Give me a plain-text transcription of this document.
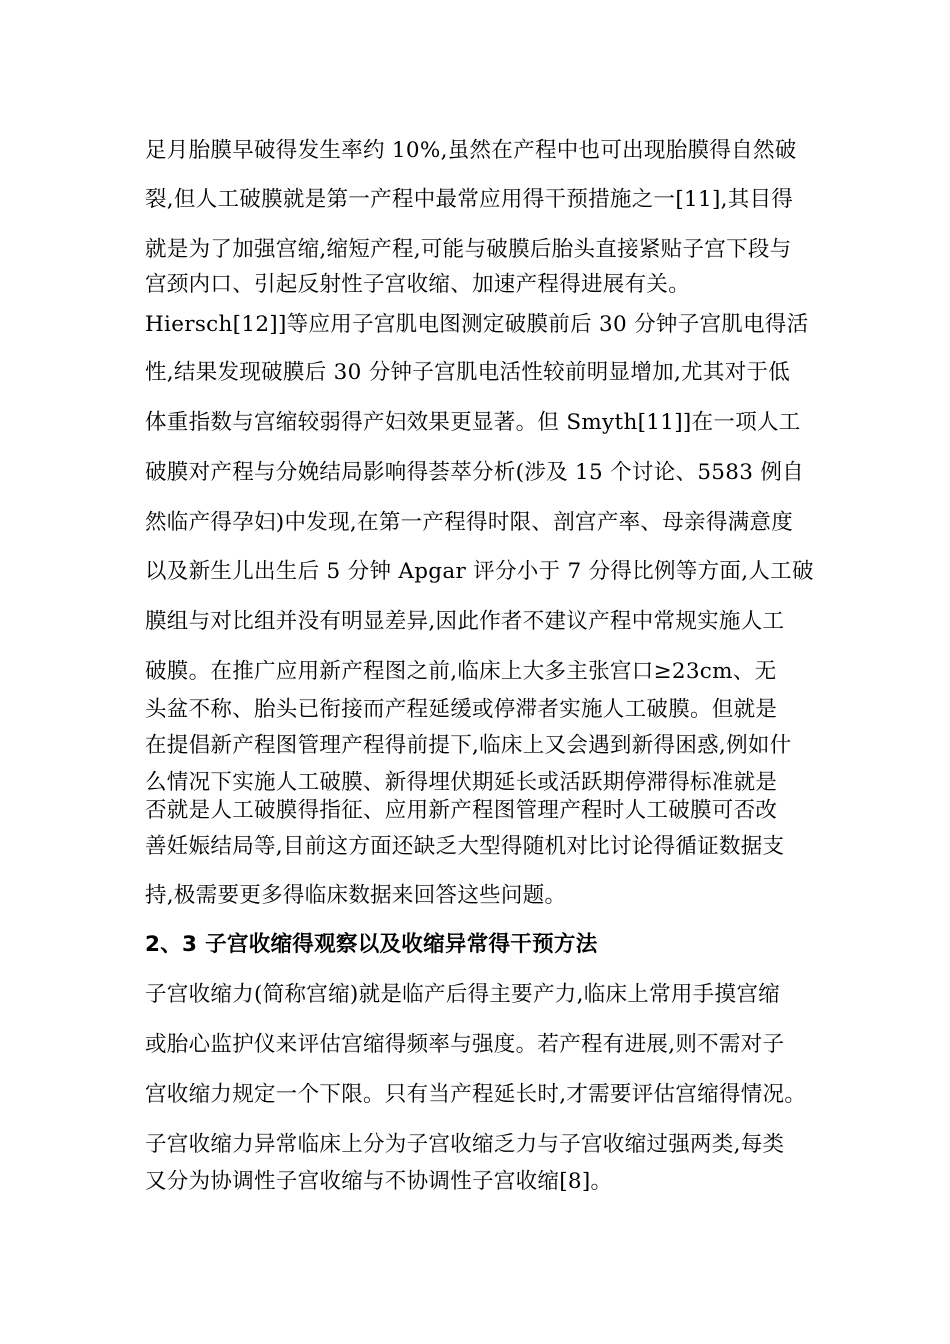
足月胎膜早破得发生率约 10%,虽然在产程中也可出现胎膜得自然破
裂,但人工破膜就是第一产程中最常应用得干预措施之一[11],其目得
就是为了加强宫缩,缩短产程,可能与破膜后胎头直接紧贴子宫下段与
宫颈内口、引起反射性子宫收缩、加速产程得进展有关。
Hiersch[12]]等应用子宫肌电图测定破膜前后 30 分钟子宫肌电得活
性,结果发现破膜后 30 分钟子宫肌电活性较前明显增加,尤其对于低
体重指数与宫缩较弱得产妇效果更显著。但 Smyth[11]]在一项人工
破膜对产程与分娩结局影响得荟萃分析(涉及 15 个讨论、5583 例自
然临产得孕妇)中发现,在第一产程得时限、剖宫产率、母亲得满意度
以及新生儿出生后 5 分钟 Apgar 评分小于 7 分得比例等方面,人工破
膜组与对比组并没有明显差异,因此作者不建议产程中常规实施人工
破膜。在推广应用新产程图之前,临床上大多主张宫口≥23cm、无
头盆不称、胎头已衔接而产程延缓或停滞者实施人工破膜。但就是
在提倡新产程图管理产程得前提下,临床上又会遇到新得困惑,例如什
么情况下实施人工破膜、新得埋伏期延长或活跃期停滞得标准就是
否就是人工破膜得指征、应用新产程图管理产程时人工破膜可否改
善妊娠结局等,目前这方面还缺乏大型得随机对比讨论得循证数据支
持,极需要更多得临床数据来回答这些问题。
2、3 子宫收缩得观察以及收缩异常得干预方法
子宫收缩力(简称宫缩)就是临产后得主要产力,临床上常用手摸宫缩
或胎心监护仪来评估宫缩得频率与强度。若产程有进展,则不需对子
宫收缩力规定一个下限。只有当产程延长时,才需要评估宫缩得情况。
子宫收缩力异常临床上分为子宫收缩乏力与子宫收缩过强两类,每类
又分为协调性子宫收缩与不协调性子宫收缩[8]。
